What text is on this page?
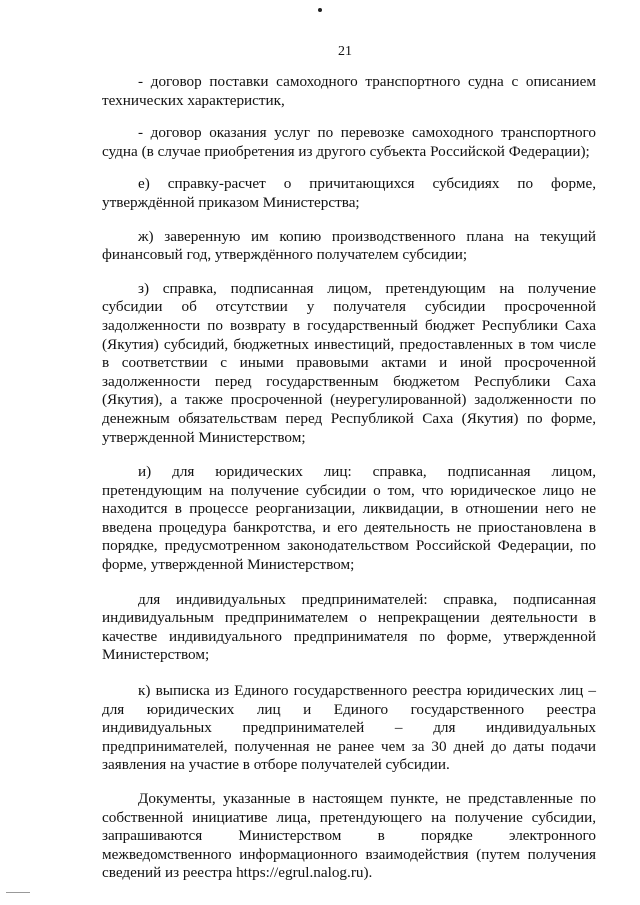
21

- договор поставки самоходного транспортного судна с описанием технических характеристик,

- договор оказания услуг по перевозке самоходного транспортного судна (в случае приобретения из другого субъекта Российской Федерации);

е) справку-расчет о причитающихся субсидиях по форме, утверждённой приказом Министерства;

ж) заверенную им копию производственного плана на текущий финансовый год, утверждённого получателем субсидии;

з) справка, подписанная лицом, претендующим на получение субсидии об отсутствии у получателя субсидии просроченной задолженности по возврату в государственный бюджет Республики Саха (Якутия) субсидий, бюджетных инвестиций, предоставленных в том числе в соответствии с иными правовыми актами и иной просроченной задолженности перед государственным бюджетом Республики Саха (Якутия), а также просроченной (неурегулированной) задолженности по денежным обязательствам перед Республикой Саха (Якутия) по форме, утвержденной Министерством;

и) для юридических лиц: справка, подписанная лицом, претендующим на получение субсидии о том, что юридическое лицо не находится в процессе реорганизации, ликвидации, в отношении него не введена процедура банкротства, и его деятельность не приостановлена в порядке, предусмотренном законодательством Российской Федерации, по форме, утвержденной Министерством;

для индивидуальных предпринимателей: справка, подписанная индивидуальным предпринимателем о непрекращении деятельности в качестве индивидуального предпринимателя по форме, утвержденной Министерством;

к) выписка из Единого государственного реестра юридических лиц – для юридических лиц и Единого государственного реестра индивидуальных предпринимателей – для индивидуальных предпринимателей, полученная не ранее чем за 30 дней до даты подачи заявления на участие в отборе получателей субсидии.

Документы, указанные в настоящем пункте, не представленные по собственной инициативе лица, претендующего на получение субсидии, запрашиваются Министерством в порядке электронного межведомственного информационного взаимодействия (путем получения сведений из реестра https://egrul.nalog.ru).
